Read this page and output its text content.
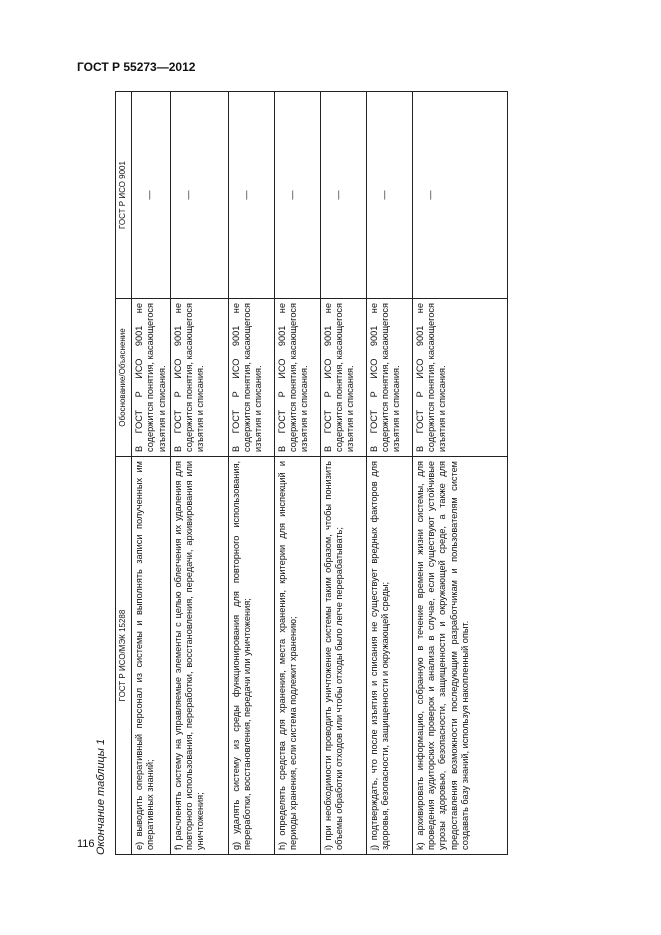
ГОСТ Р 55273—2012
Окончание таблицы 1
ГОСТ Р ИСО/МЭК 15288	Обоснование/Объяснение	ГОСТ Р ИСО 9001
e) выводить оперативный персонал из системы и выполнять записи полученных им оперативных знаний;	В ГОСТ Р ИСО 9001 не содержится понятия, касающегося изъятия и списания.	—
f) расчленять систему на управляемые элементы с целью облегчения их удаления для повторного использования, переработки, восстановления, передачи, архивирования или уничтожения;	В ГОСТ Р ИСО 9001 не содержится понятия, касающегося изъятия и списания.	—
g) удалять систему из среды функционирования для повторного использования, переработки, восстановления, передачи или уничтожения;	В ГОСТ Р ИСО 9001 не содержится понятия, касающегося изъятия и списания.	—
h) определять средства для хранения, места хранения, критерии для инспекций и периоды хранения, если система подлежит хранению;	В ГОСТ Р ИСО 9001 не содержится понятия, касающегося изъятия и списания.	—
i) при необходимости проводить уничтожение системы таким образом, чтобы понизить объемы обработки отходов или чтобы отходы было легче перерабатывать;	В ГОСТ Р ИСО 9001 не содержится понятия, касающегося изъятия и списания.	—
j) подтверждать, что после изъятия и списания не существует вредных факторов для здоровья, безопасности, защищенности и окружающей среды;	В ГОСТ Р ИСО 9001 не содержится понятия, касающегося изъятия и списания.	—
k) архивировать информацию, собранную в течение времени жизни системы, для проведения аудиторских проверок и анализа в случае, если существуют устойчивые угрозы здоровью, безопасности, защищенности и окружающей среде, а также для предоставления возможности последующим разработчикам и пользователям систем создавать базу знаний, используя накопленный опыт.	В ГОСТ Р ИСО 9001 не содержится понятия, касающегося изъятия и списания.	—
116
